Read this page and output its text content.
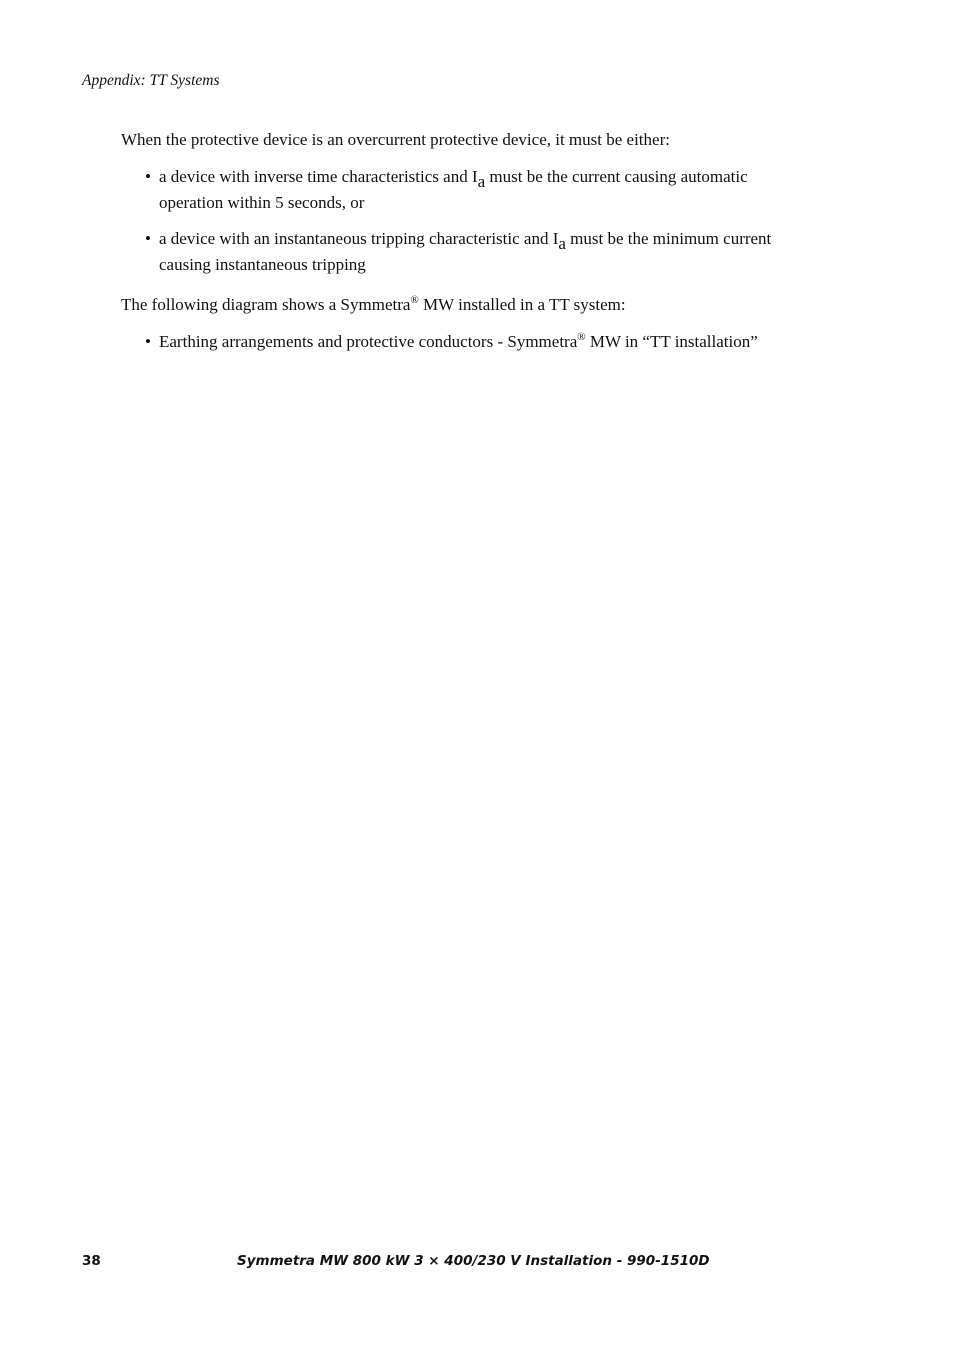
Appendix: TT Systems
When the protective device is an overcurrent protective device, it must be either:
• a device with inverse time characteristics and Ia must be the current causing automatic
operation within 5 seconds, or
• a device with an instantaneous tripping characteristic and Ia must be the minimum current
causing instantaneous tripping
The following diagram shows a Symmetra® MW installed in a TT system:
• Earthing arrangements and protective conductors - Symmetra® MW in “TT installation”
38	Symmetra MW 800 kW 3 × 400/230 V Installation - 990-1510D
